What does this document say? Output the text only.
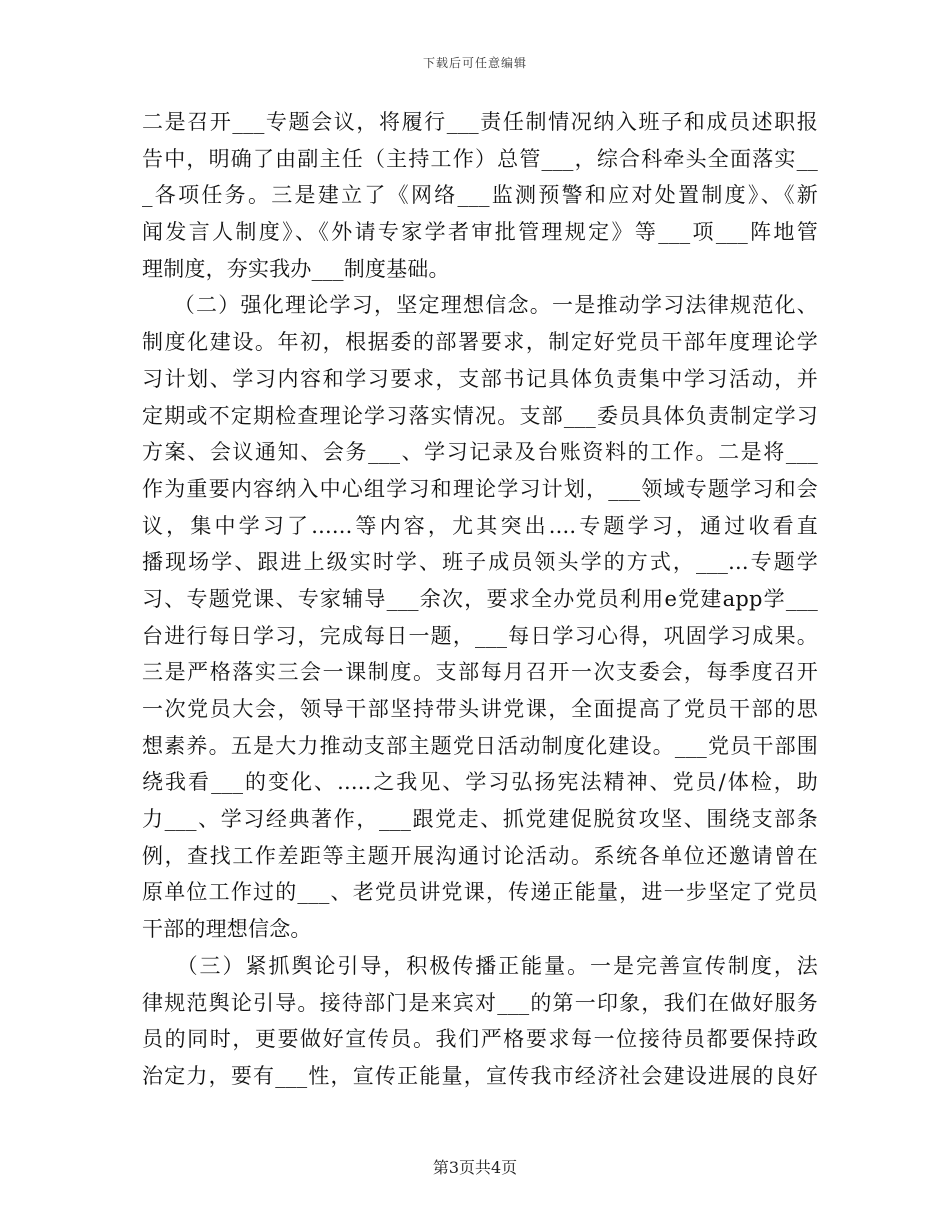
下载后可任意编辑
二是召开___专题会议，将履行___责任制情况纳入班子和成员述职报
告中，明确了由副主任（主持工作）总管___，综合科牵头全面落实__
_各项任务。三是建立了《网络___监测预警和应对处置制度》、《新
闻发言人制度》、《外请专家学者审批管理规定》等___项___阵地管
理制度，夯实我办___制度基础。
（二）强化理论学习，坚定理想信念。一是推动学习法律规范化、
制度化建设。年初，根据委的部署要求，制定好党员干部年度理论学
习计划、学习内容和学习要求，支部书记具体负责集中学习活动，并
定期或不定期检查理论学习落实情况。支部___委员具体负责制定学习
方案、会议通知、会务___、学习记录及台账资料的工作。二是将___
作为重要内容纳入中心组学习和理论学习计划，___领域专题学习和会
议，集中学习了......等内容，尤其突出....专题学习，通过收看直
播现场学、跟进上级实时学、班子成员领头学的方式，___...专题学
习、专题党课、专家辅导___余次，要求全办党员利用e党建app学___
台进行每日学习，完成每日一题，___每日学习心得，巩固学习成果。
三是严格落实三会一课制度。支部每月召开一次支委会，每季度召开
一次党员大会，领导干部坚持带头讲党课，全面提高了党员干部的思
想素养。五是大力推动支部主题党日活动制度化建设。___党员干部围
绕我看___的变化、.....之我见、学习弘扬宪法精神、党员/体检，助
力___、学习经典著作，___跟党走、抓党建促脱贫攻坚、围绕支部条
例，查找工作差距等主题开展沟通讨论活动。系统各单位还邀请曾在
原单位工作过的___、老党员讲党课，传递正能量，进一步坚定了党员
干部的理想信念。
（三）紧抓舆论引导，积极传播正能量。一是完善宣传制度，法
律规范舆论引导。接待部门是来宾对___的第一印象，我们在做好服务
员的同时，更要做好宣传员。我们严格要求每一位接待员都要保持政
治定力，要有___性，宣传正能量，宣传我市经济社会建设进展的良好
第3页共4页
